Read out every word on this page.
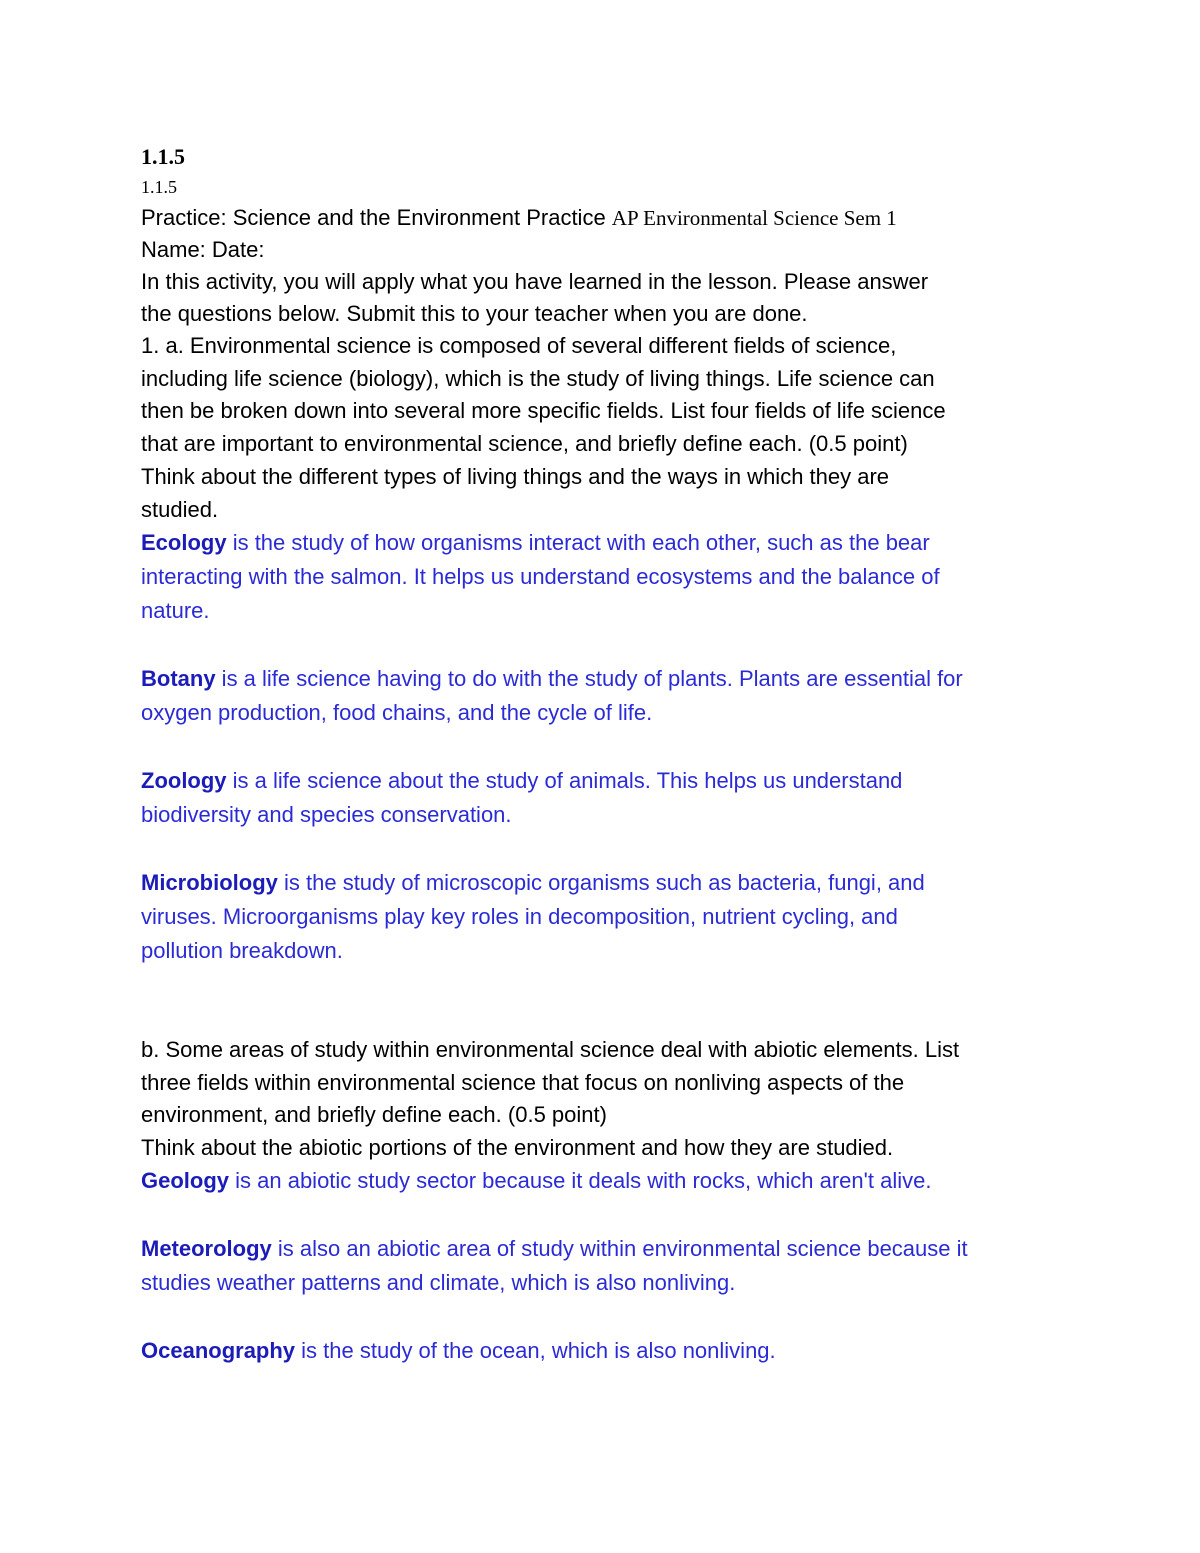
1.1.5

1.1.5

Practice: Science and the Environment Practice AP Environmental Science Sem 1

Name: Date:

In this activity, you will apply what you have learned in the lesson. Please answer

the questions below. Submit this to your teacher when you are done.

1. a. Environmental science is composed of several different fields of science,

including life science (biology), which is the study of living things. Life science can

then be broken down into several more specific fields. List four fields of life science

that are important to environmental science, and briefly define each. (0.5 point)

Think about the different types of living things and the ways in which they are

studied.

Ecology is the study of how organisms interact with each other, such as the bear

interacting with the salmon. It helps us understand ecosystems and the balance of

nature.

Botany is a life science having to do with the study of plants. Plants are essential for

oxygen production, food chains, and the cycle of life.

Zoology is a life science about the study of animals. This helps us understand

biodiversity and species conservation.

Microbiology is the study of microscopic organisms such as bacteria, fungi, and

viruses. Microorganisms play key roles in decomposition, nutrient cycling, and

pollution breakdown.

b. Some areas of study within environmental science deal with abiotic elements. List

three fields within environmental science that focus on nonliving aspects of the

environment, and briefly define each. (0.5 point)

Think about the abiotic portions of the environment and how they are studied.

Geology is an abiotic study sector because it deals with rocks, which aren't alive.

Meteorology is also an abiotic area of study within environmental science because it

studies weather patterns and climate, which is also nonliving.

Oceanography is the study of the ocean, which is also nonliving.
